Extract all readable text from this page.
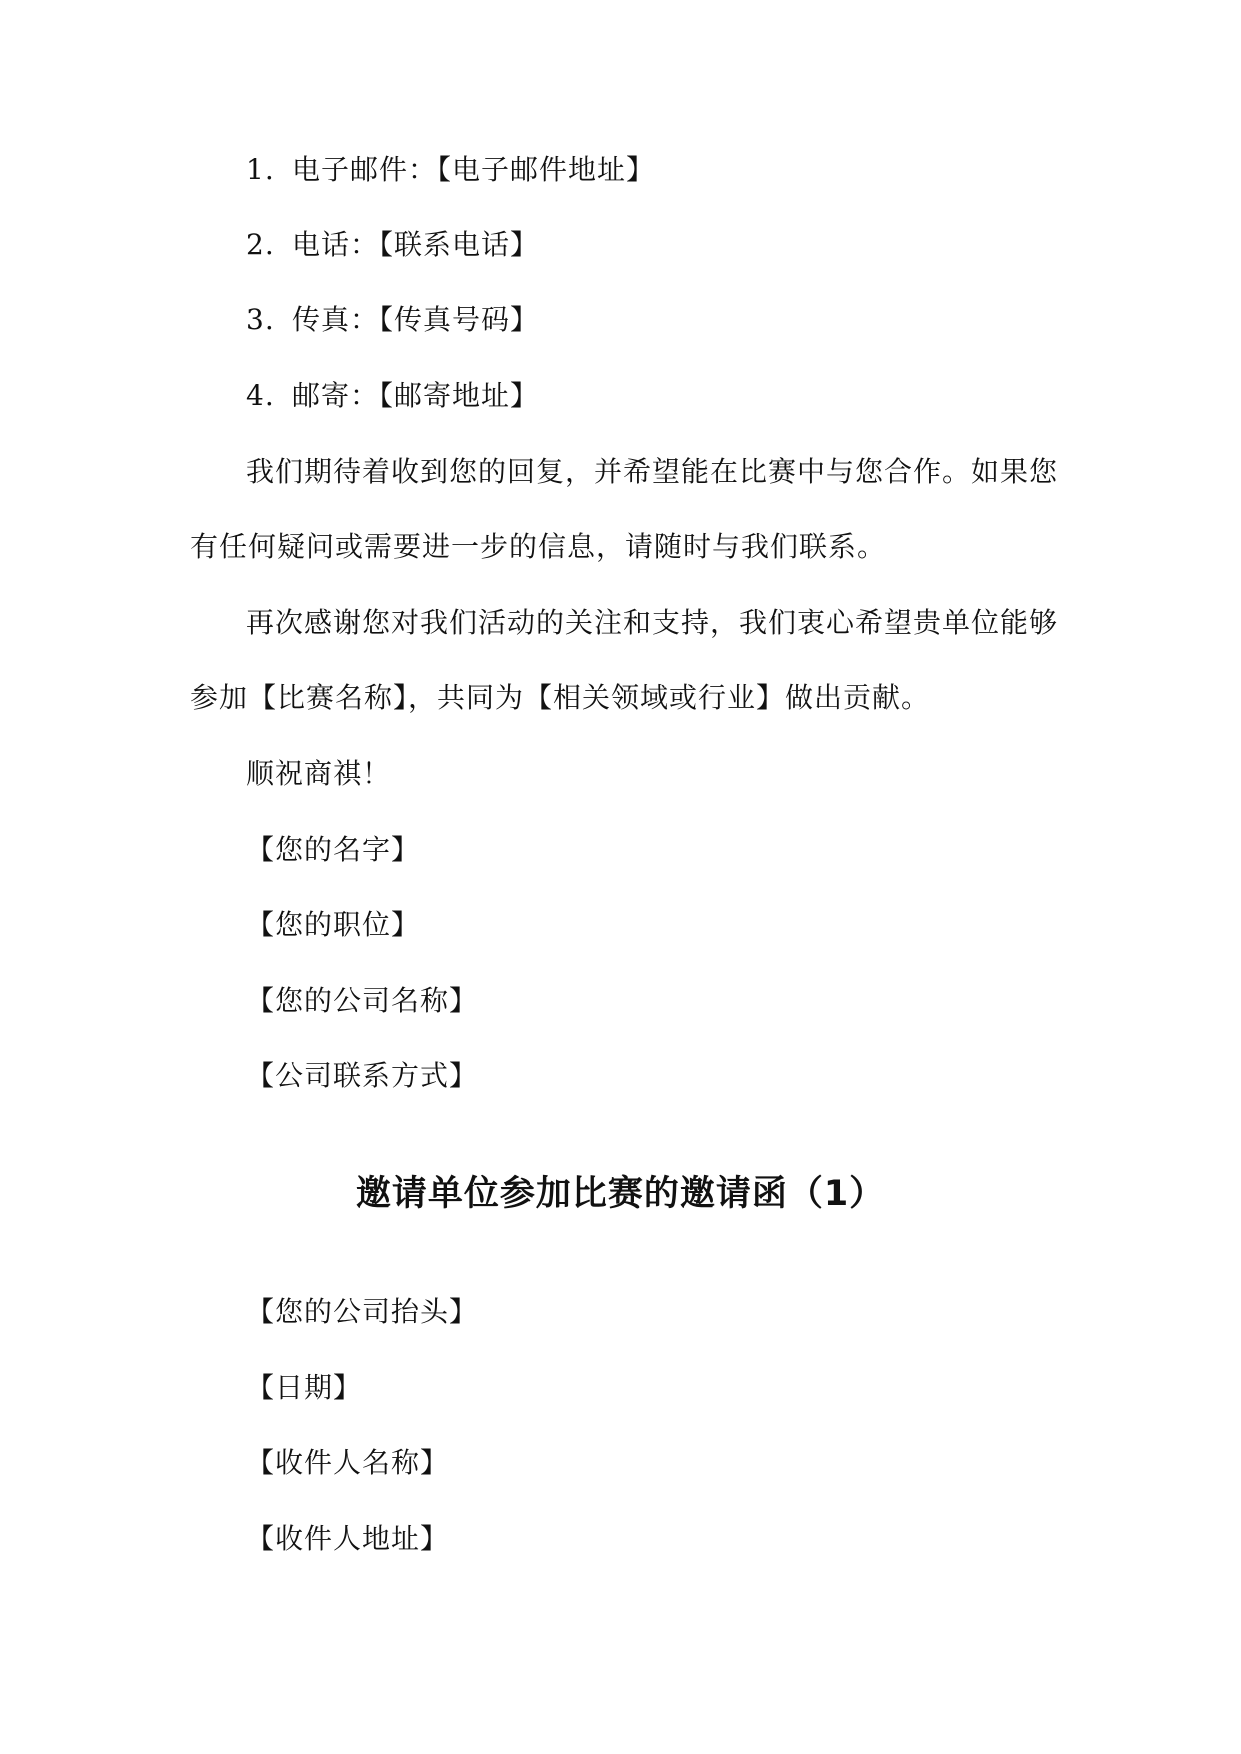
1. 电子邮件：【电子邮件地址】
2. 电话：【联系电话】
3. 传真：【传真号码】
4. 邮寄：【邮寄地址】
我们期待着收到您的回复，并希望能在比赛中与您合作。如果您
有任何疑问或需要进一步的信息，请随时与我们联系。
再次感谢您对我们活动的关注和支持，我们衷心希望贵单位能够
参加【比赛名称】，共同为【相关领域或行业】做出贡献。
顺祝商祺！
【您的名字】
【您的职位】
【您的公司名称】
【公司联系方式】
邀请单位参加比赛的邀请函（1）
【您的公司抬头】
【日期】
【收件人名称】
【收件人地址】
